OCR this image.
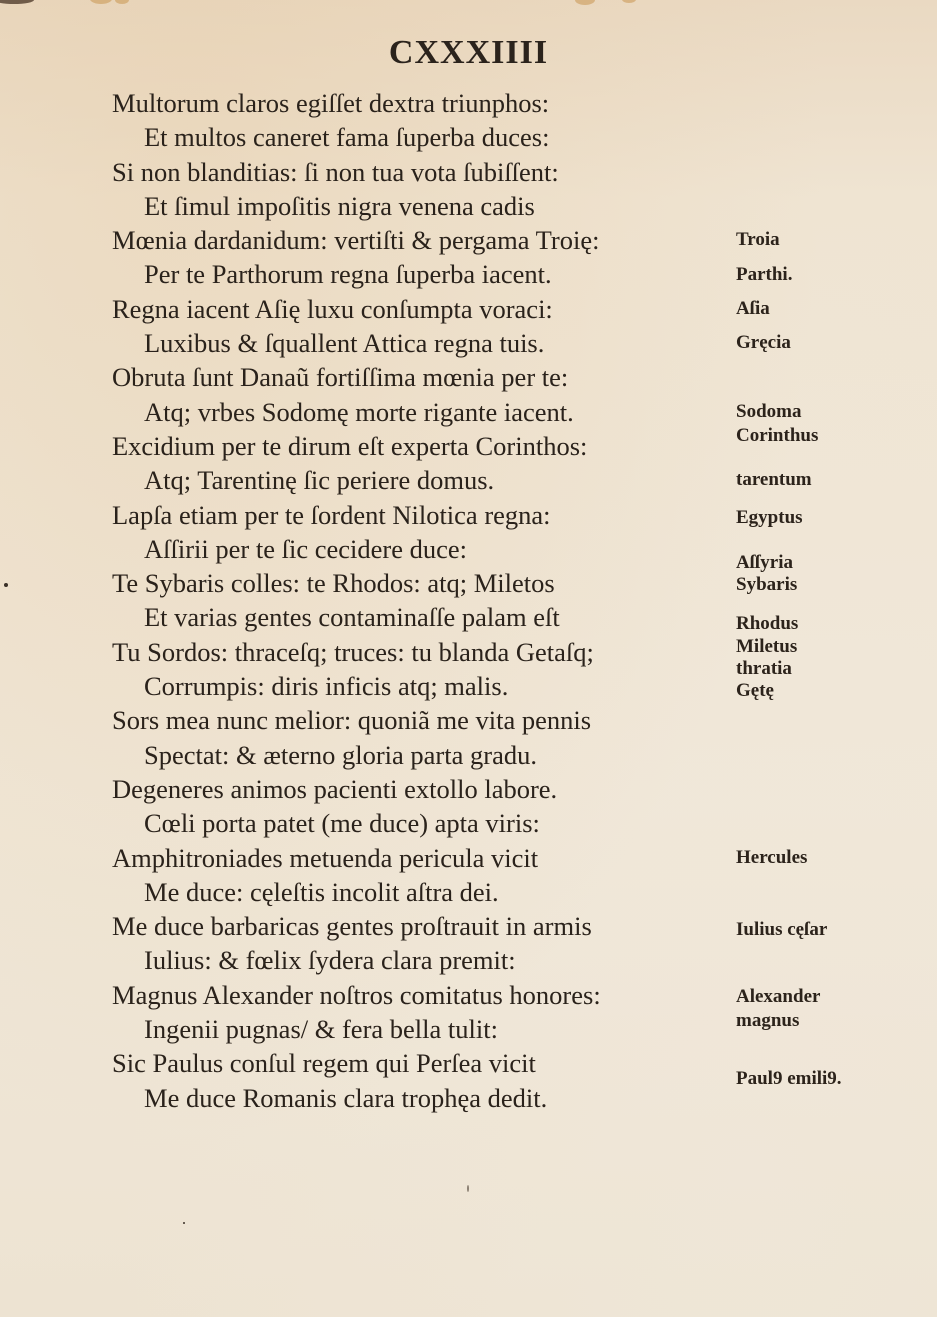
CXXXIIII
Multorum claros egiſſet dextra triunphos:
Et multos caneret fama ſuperba duces:
Si non blanditias: ſi non tua vota ſubiſſent:
Et ſimul impoſitis nigra venena cadis
Mœnia dardanidum: vertiſti & pergama Troię:
Per te Parthorum regna ſuperba iacent.
Regna iacent Aſię luxu conſumpta voraci:
Luxibus & ſquallent Attica regna tuis.
Obruta ſunt Danaũ fortiſſima mœnia per te:
Atq; vrbes Sodomę morte rigante iacent.
Excidium per te dirum eſt experta Corinthos:
Atq; Tarentinę ſic periere domus.
Lapſa etiam per te ſordent Nilotica regna:
Aſſirii per te ſic cecidere duce:
Te Sybaris colles: te Rhodos: atq; Miletos
Et varias gentes contaminaſſe palam eſt
Tu Sordos: thraceſq; truces: tu blanda Getaſq;
Corrumpis: diris inficis atq; malis.
Sors mea nunc melior: quoniã me vita pennis
Spectat: & æterno gloria parta gradu.
Degeneres animos pacienti extollo labore.
Cœli porta patet (me duce) apta viris:
Amphitroniades metuenda pericula vicit
Me duce: cęleſtis incolit aſtra dei.
Me duce barbaricas gentes proſtrauit in armis
Iulius: & fœlix ſydera clara premit:
Magnus Alexander noſtros comitatus honores:
Ingenii pugnas/ & fera bella tulit:
Sic Paulus conſul regem qui Perſea vicit
Me duce Romanis clara trophęa dedit.
Troia
Parthi.
Aſia
Gręcia
Sodoma
Corinthus
tarentum
Egyptus
Aſſyria
Sybaris
Rhodus
Miletus
thratia
Gętę
Hercules
Iulius cęſar
Alexander
magnus
Paul9 emili9.
